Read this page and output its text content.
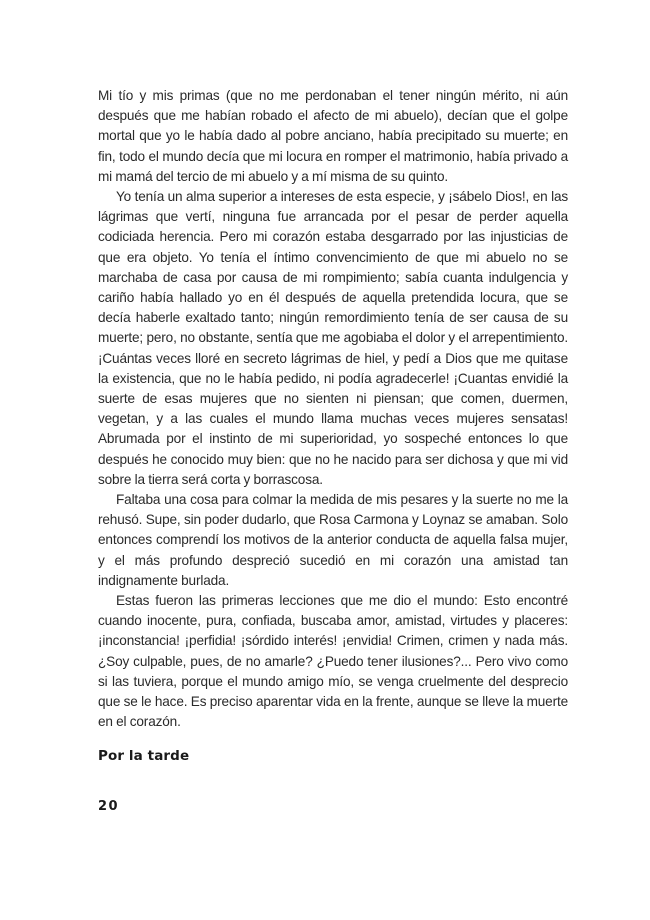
Mi tío y mis primas (que no me perdonaban el tener ningún mérito, ni aún después que me habían robado el afecto de mi abuelo), decían que el golpe mortal que yo le había dado al pobre anciano, había precipitado su muerte; en fin, todo el mundo decía que mi locura en romper el matrimonio, había privado a mi mamá del tercio de mi abuelo y a mí misma de su quinto.

Yo tenía un alma superior a intereses de esta especie, y ¡sábelo Dios!, en las lágrimas que vertí, ninguna fue arrancada por el pesar de perder aquella codiciada herencia. Pero mi corazón estaba desgarrado por las injusticias de que era objeto. Yo tenía el íntimo convencimiento de que mi abuelo no se marchaba de casa por causa de mi rompimiento; sabía cuanta indulgencia y cariño había hallado yo en él después de aquella pretendida locura, que se decía haberle exaltado tanto; ningún remordimiento tenía de ser causa de su muerte; pero, no obstante, sentía que me agobiaba el dolor y el arrepentimiento. ¡Cuántas veces lloré en secreto lágrimas de hiel, y pedí a Dios que me quitase la existencia, que no le había pedido, ni podía agradecerle! ¡Cuantas envidié la suerte de esas mujeres que no sienten ni piensan; que comen, duermen, vegetan, y a las cuales el mundo llama muchas veces mujeres sensatas! Abrumada por el instinto de mi superioridad, yo sospeché entonces lo que después he conocido muy bien: que no he nacido para ser dichosa y que mi vid sobre la tierra será corta y borrascosa.

Faltaba una cosa para colmar la medida de mis pesares y la suerte no me la rehusó. Supe, sin poder dudarlo, que Rosa Carmona y Loynaz se amaban. Solo entonces comprendí los motivos de la anterior conducta de aquella falsa mujer, y el más profundo despreció sucedió en mi corazón una amistad tan indignamente burlada.

Estas fueron las primeras lecciones que me dio el mundo: Esto encontré cuando inocente, pura, confiada, buscaba amor, amistad, virtudes y placeres: ¡inconstancia! ¡perfidia! ¡sórdido interés! ¡envidia! Crimen, crimen y nada más. ¿Soy culpable, pues, de no amarle? ¿Puedo tener ilusiones?... Pero vivo como si las tuviera, porque el mundo amigo mío, se venga cruelmente del desprecio que se le hace. Es preciso aparentar vida en la frente, aunque se lleve la muerte en el corazón.

Por la tarde
20
